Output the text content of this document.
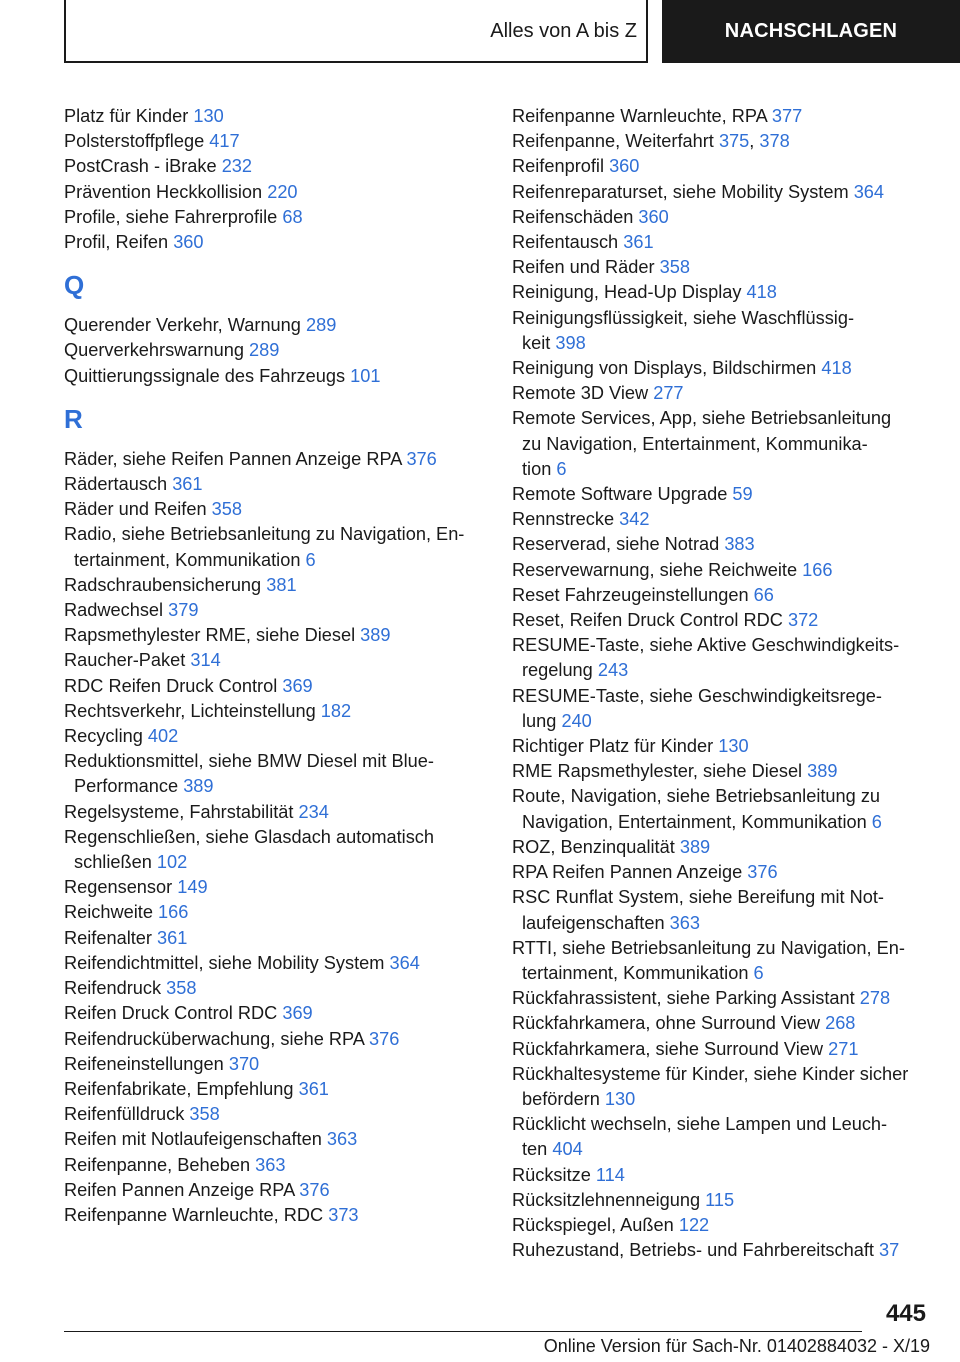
Alles von A bis Z	NACHSCHLAGEN
Platz für Kinder 130
Polsterstoffpflege 417
PostCrash - iBrake 232
Prävention Heckkollision 220
Profile, siehe Fahrerprofile 68
Profil, Reifen 360
Q
Querender Verkehr, Warnung 289
Querverkehrswarnung 289
Quittierungssignale des Fahrzeugs 101
R
Räder, siehe Reifen Pannen Anzeige RPA 376
Rädertausch 361
Räder und Reifen 358
Radio, siehe Betriebsanleitung zu Navigation, En-
tertainment, Kommunikation 6
Radschraubensicherung 381
Radwechsel 379
Rapsmethylester RME, siehe Diesel 389
Raucher-Paket 314
RDC Reifen Druck Control 369
Rechtsverkehr, Lichteinstellung 182
Recycling 402
Reduktionsmittel, siehe BMW Diesel mit Blue-
Performance 389
Regelsysteme, Fahrstabilität 234
Regenschließen, siehe Glasdach automatisch
schließen 102
Regensensor 149
Reichweite 166
Reifenalter 361
Reifendichtmittel, siehe Mobility System 364
Reifendruck 358
Reifen Druck Control RDC 369
Reifendrucküberwachung, siehe RPA 376
Reifeneinstellungen 370
Reifenfabrikate, Empfehlung 361
Reifenfülldruck 358
Reifen mit Notlaufeigenschaften 363
Reifenpanne, Beheben 363
Reifen Pannen Anzeige RPA 376
Reifenpanne Warnleuchte, RDC 373
Reifenpanne Warnleuchte, RPA 377
Reifenpanne, Weiterfahrt 375, 378
Reifenprofil 360
Reifenreparaturset, siehe Mobility System 364
Reifenschäden 360
Reifentausch 361
Reifen und Räder 358
Reinigung, Head-Up Display 418
Reinigungsflüssigkeit, siehe Waschflüssig-
keit 398
Reinigung von Displays, Bildschirmen 418
Remote 3D View 277
Remote Services, App, siehe Betriebsanleitung
zu Navigation, Entertainment, Kommunika-
tion 6
Remote Software Upgrade 59
Rennstrecke 342
Reserverad, siehe Notrad 383
Reservewarnung, siehe Reichweite 166
Reset Fahrzeugeinstellungen 66
Reset, Reifen Druck Control RDC 372
RESUME-Taste, siehe Aktive Geschwindigkeits-
regelung 243
RESUME-Taste, siehe Geschwindigkeitsrege-
lung 240
Richtiger Platz für Kinder 130
RME Rapsmethylester, siehe Diesel 389
Route, Navigation, siehe Betriebsanleitung zu
Navigation, Entertainment, Kommunikation 6
ROZ, Benzinqualität 389
RPA Reifen Pannen Anzeige 376
RSC Runflat System, siehe Bereifung mit Not-
laufeigenschaften 363
RTTI, siehe Betriebsanleitung zu Navigation, En-
tertainment, Kommunikation 6
Rückfahrassistent, siehe Parking Assistant 278
Rückfahrkamera, ohne Surround View 268
Rückfahrkamera, siehe Surround View 271
Rückhaltesysteme für Kinder, siehe Kinder sicher
befördern 130
Rücklicht wechseln, siehe Lampen und Leuch-
ten 404
Rücksitze 114
Rücksitzlehnenneigung 115
Rückspiegel, Außen 122
Ruhezustand, Betriebs- und Fahrbereitschaft 37
445
Online Version für Sach-Nr. 01402884032 - X/19
